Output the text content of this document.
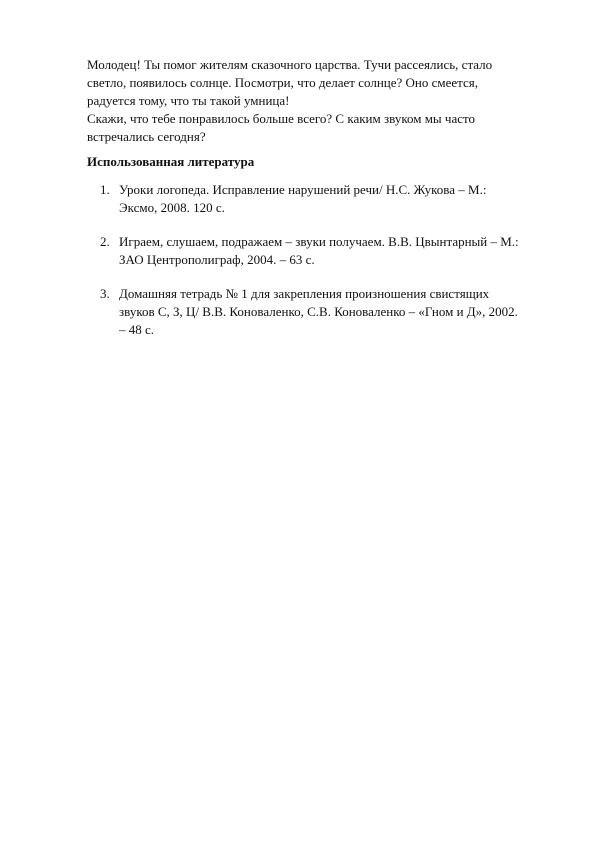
Молодец! Ты помог жителям сказочного царства. Тучи рассеялись, стало светло, появилось солнце. Посмотри, что делает солнце? Оно смеется, радуется тому, что ты такой умница!

Скажи, что тебе понравилось больше всего? С каким звуком мы часто встречались сегодня?

Использованная литература

1. Уроки логопеда. Исправление нарушений речи/ Н.С. Жукова – М.: Эксмо, 2008. 120 с.
2. Играем, слушаем, подражаем – звуки получаем. В.В. Цвынтарный – М.: ЗАО Центрополиграф, 2004. – 63 с.
3. Домашняя тетрадь № 1 для закрепления произношения свистящих звуков С, З, Ц/ В.В. Коноваленко, С.В. Коноваленко – «Гном и Д», 2002. – 48 с.
